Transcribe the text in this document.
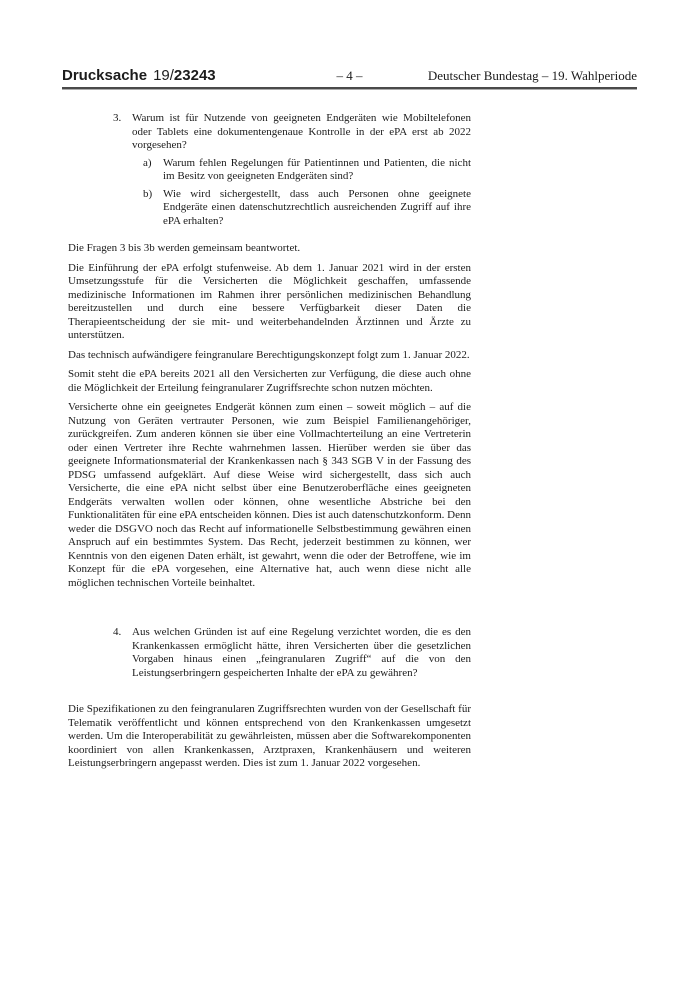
Drucksache 19/23243	– 4 –	Deutscher Bundestag – 19. Wahlperiode
3. Warum ist für Nutzende von geeigneten Endgeräten wie Mobiltelefonen oder Tablets eine dokumentengenaue Kontrolle in der ePA erst ab 2022 vorgesehen?
a)	Warum fehlen Regelungen für Patientinnen und Patienten, die nicht im Besitz von geeigneten Endgeräten sind?
b) Wie wird sichergestellt, dass auch Personen ohne geeignete Endgeräte einen datenschutzrechtlich ausreichenden Zugriff auf ihre ePA erhalten?

Die Fragen 3 bis 3b werden gemeinsam beantwortet.

Die Einführung der ePA erfolgt stufenweise. Ab dem 1. Januar 2021 wird in der ersten Umsetzungsstufe für die Versicherten die Möglichkeit geschaffen, umfassende medizinische Informationen im Rahmen ihrer persönlichen medizinischen Behandlung bereitzustellen und durch eine bessere Verfügbarkeit dieser Daten die Therapieentscheidung der sie mit- und weiterbehandelnden Ärztinnen und Ärzte zu unterstützen.

Das technisch aufwändigere feingranulare Berechtigungskonzept folgt zum 1. Januar 2022.

Somit steht die ePA bereits 2021 all den Versicherten zur Verfügung, die diese auch ohne die Möglichkeit der Erteilung feingranularer Zugriffsrechte schon nutzen möchten.

Versicherte ohne ein geeignetes Endgerät können zum einen – soweit möglich – auf die Nutzung von Geräten vertrauter Personen, wie zum Beispiel Familienangehöriger, zurückgreifen. Zum anderen können sie über eine Vollmachterteilung an eine Vertreterin oder einen Vertreter ihre Rechte wahrnehmen lassen. Hierüber werden sie über das geeignete Informationsmaterial der Krankenkassen nach § 343 SGB V in der Fassung des PDSG umfassend aufgeklärt. Auf diese Weise wird sichergestellt, dass sich auch Versicherte, die eine ePA nicht selbst über eine Benutzeroberfläche eines geeigneten Endgeräts verwalten wollen oder können, ohne wesentliche Abstriche bei den Funktionalitäten für eine ePA entscheiden können. Dies ist auch datenschutzkonform. Denn weder die DSGVO noch das Recht auf informationelle Selbstbestimmung gewähren einen Anspruch auf ein bestimmtes System. Das Recht, jederzeit bestimmen zu können, wer Kenntnis von den eigenen Daten erhält, ist gewahrt, wenn die oder der Betroffene, wie im Konzept für die ePA vorgesehen, eine Alternative hat, auch wenn diese nicht alle möglichen technischen Vorteile beinhaltet.

4. Aus welchen Gründen ist auf eine Regelung verzichtet worden, die es den Krankenkassen ermöglicht hätte, ihren Versicherten über die gesetzlichen Vorgaben hinaus einen „feingranularen Zugriff“ auf die von den Leistungserbringern gespeicherten Inhalte der ePA zu gewähren?

Die Spezifikationen zu den feingranularen Zugriffsrechten wurden von der Gesellschaft für Telematik veröffentlicht und können entsprechend von den Krankenkassen umgesetzt werden. Um die Interoperabilität zu gewährleisten, müssen aber die Softwarekomponenten koordiniert von allen Krankenkassen, Arztpraxen, Krankenhäusern und weiteren Leistungserbringern angepasst werden. Dies ist zum 1. Januar 2022 vorgesehen.
